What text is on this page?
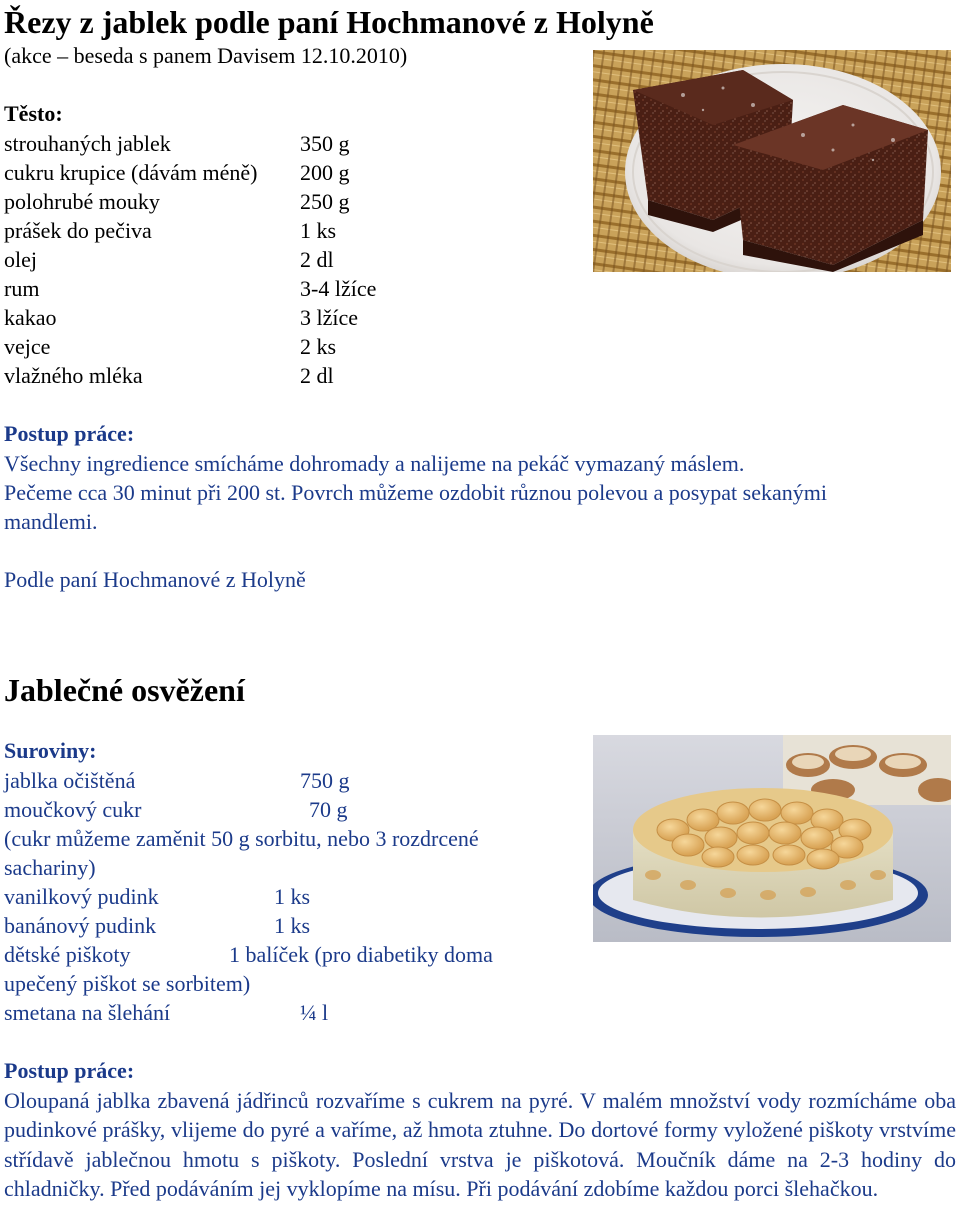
Řezy z jablek podle paní Hochmanové z Holyně
(akce – beseda s panem Davisem 12.10.2010)
Těsto:
strouhaných jablek	350 g
cukru krupice (dávám méně) 200 g
polohrubé mouky	250 g
prášek do pečiva	1 ks
olej	2 dl
rum	3-4 lžíce
kakao	3 lžíce
vejce	2 ks
vlažného mléka	2 dl
Postup práce:
Všechny ingredience smícháme dohromady a nalijeme na pekáč vymazaný máslem.
Pečeme cca 30 minut při 200 st. Povrch můžeme ozdobit různou polevou a posypat sekanými
mandlemi.
Podle paní Hochmanové z Holyně
Jablečné osvěžení
Suroviny:
jablka očištěná	750 g
moučkový cukr	70 g
(cukr můžeme zaměnit 50 g sorbitu, nebo 3 rozdrcené
sachariny)
vanilkový pudink	1 ks
banánový pudink	1 ks
dětské piškoty	1 balíček (pro diabetiky doma
upečený piškot se sorbitem)
smetana na šlehání	¼ l
Postup práce:
Oloupaná jablka zbavená jádřinců rozvaříme s cukrem na pyré. V malém množství vody rozmícháme oba pudinkové prášky, vlijeme do pyré a vaříme, až hmota ztuhne. Do dortové formy vyložené piškoty vrstvíme střídavě jablečnou hmotu s piškoty. Poslední vrstva je piškotová. Moučník dáme na 2-3 hodiny do chladničky. Před podáváním jej vyklopíme na mísu. Při podávání zdobíme každou porci šlehačkou.
